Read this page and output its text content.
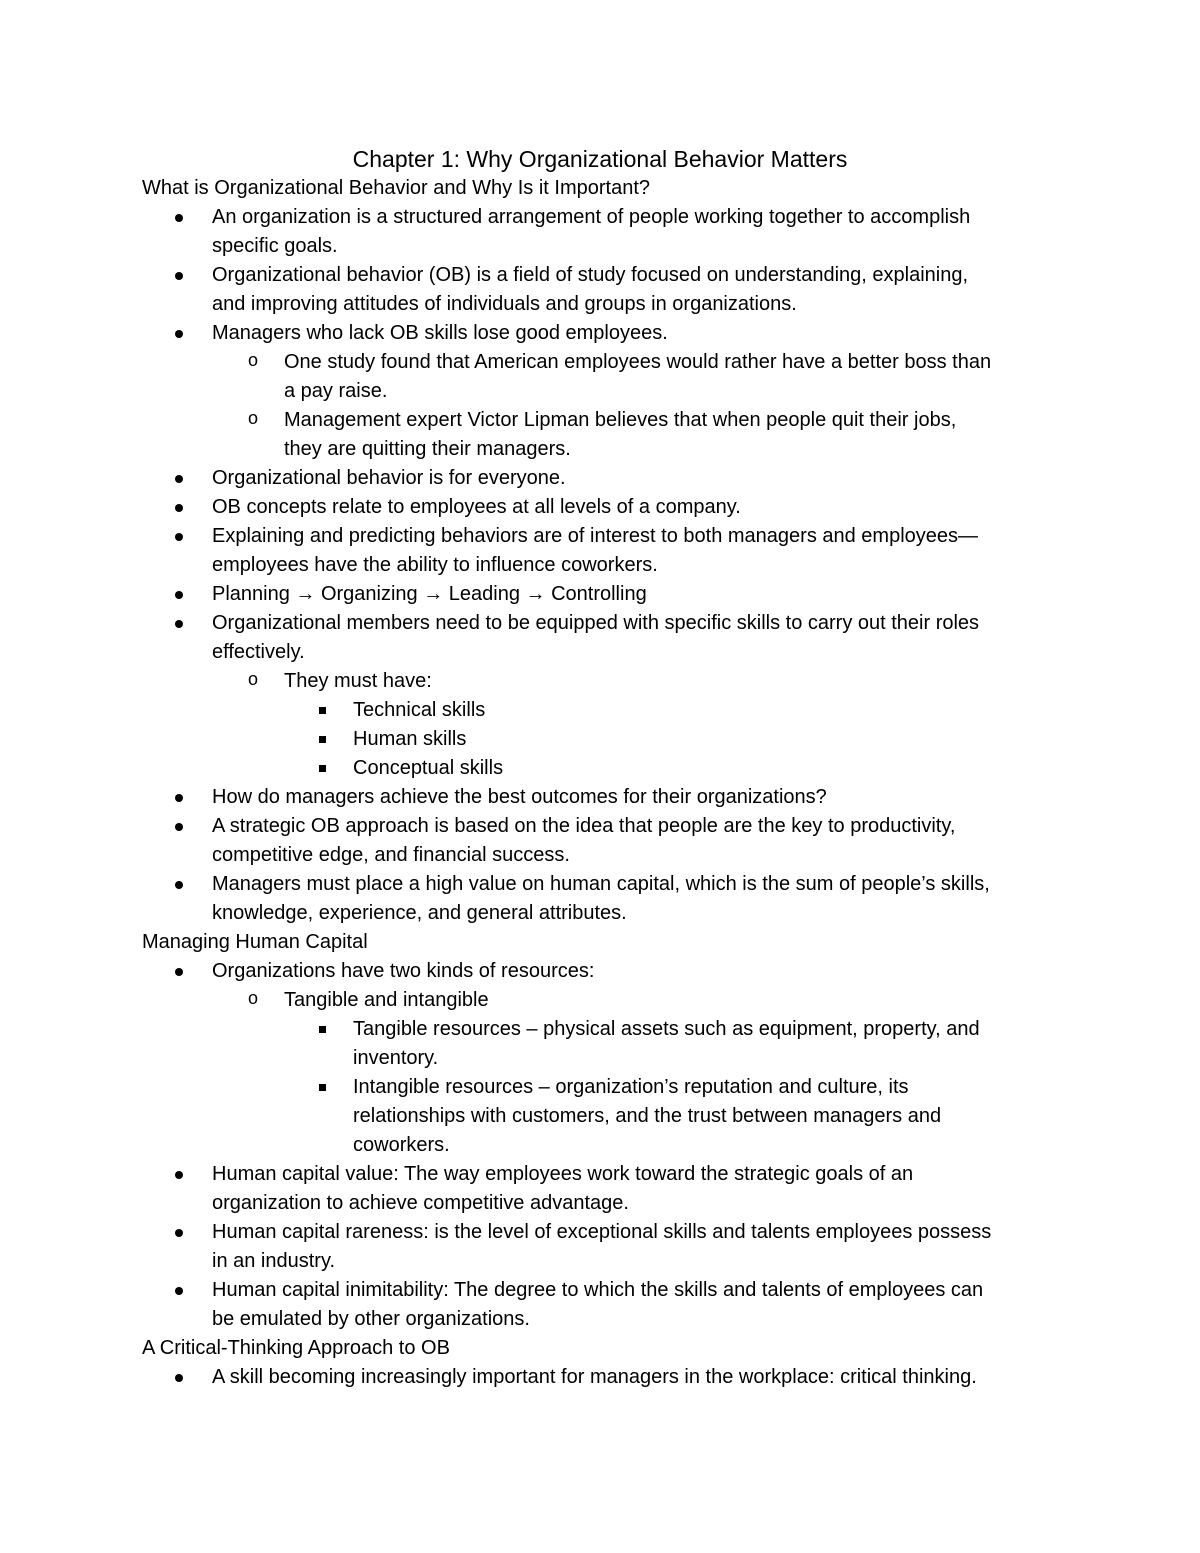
Chapter 1: Why Organizational Behavior Matters
What is Organizational Behavior and Why Is it Important?
An organization is a structured arrangement of people working together to accomplish
specific goals.
Organizational behavior (OB) is a field of study focused on understanding, explaining,
and improving attitudes of individuals and groups in organizations.
Managers who lack OB skills lose good employees.
o One study found that American employees would rather have a better boss than
a pay raise.
o Management expert Victor Lipman believes that when people quit their jobs,
they are quitting their managers.
Organizational behavior is for everyone.
OB concepts relate to employees at all levels of a company.
Explaining and predicting behaviors are of interest to both managers and employees—
employees have the ability to influence coworkers.
Planning → Organizing → Leading → Controlling
Organizational members need to be equipped with specific skills to carry out their roles
effectively.
o They must have:
Technical skills
Human skills
Conceptual skills
How do managers achieve the best outcomes for their organizations?
A strategic OB approach is based on the idea that people are the key to productivity,
competitive edge, and financial success.
Managers must place a high value on human capital, which is the sum of people’s skills,
knowledge, experience, and general attributes.
Managing Human Capital
Organizations have two kinds of resources:
o Tangible and intangible
Tangible resources – physical assets such as equipment, property, and
inventory.
Intangible resources – organization’s reputation and culture, its
relationships with customers, and the trust between managers and
coworkers.
Human capital value: The way employees work toward the strategic goals of an
organization to achieve competitive advantage.
Human capital rareness: is the level of exceptional skills and talents employees possess
in an industry.
Human capital inimitability: The degree to which the skills and talents of employees can
be emulated by other organizations.
A Critical-Thinking Approach to OB
A skill becoming increasingly important for managers in the workplace: critical thinking.
